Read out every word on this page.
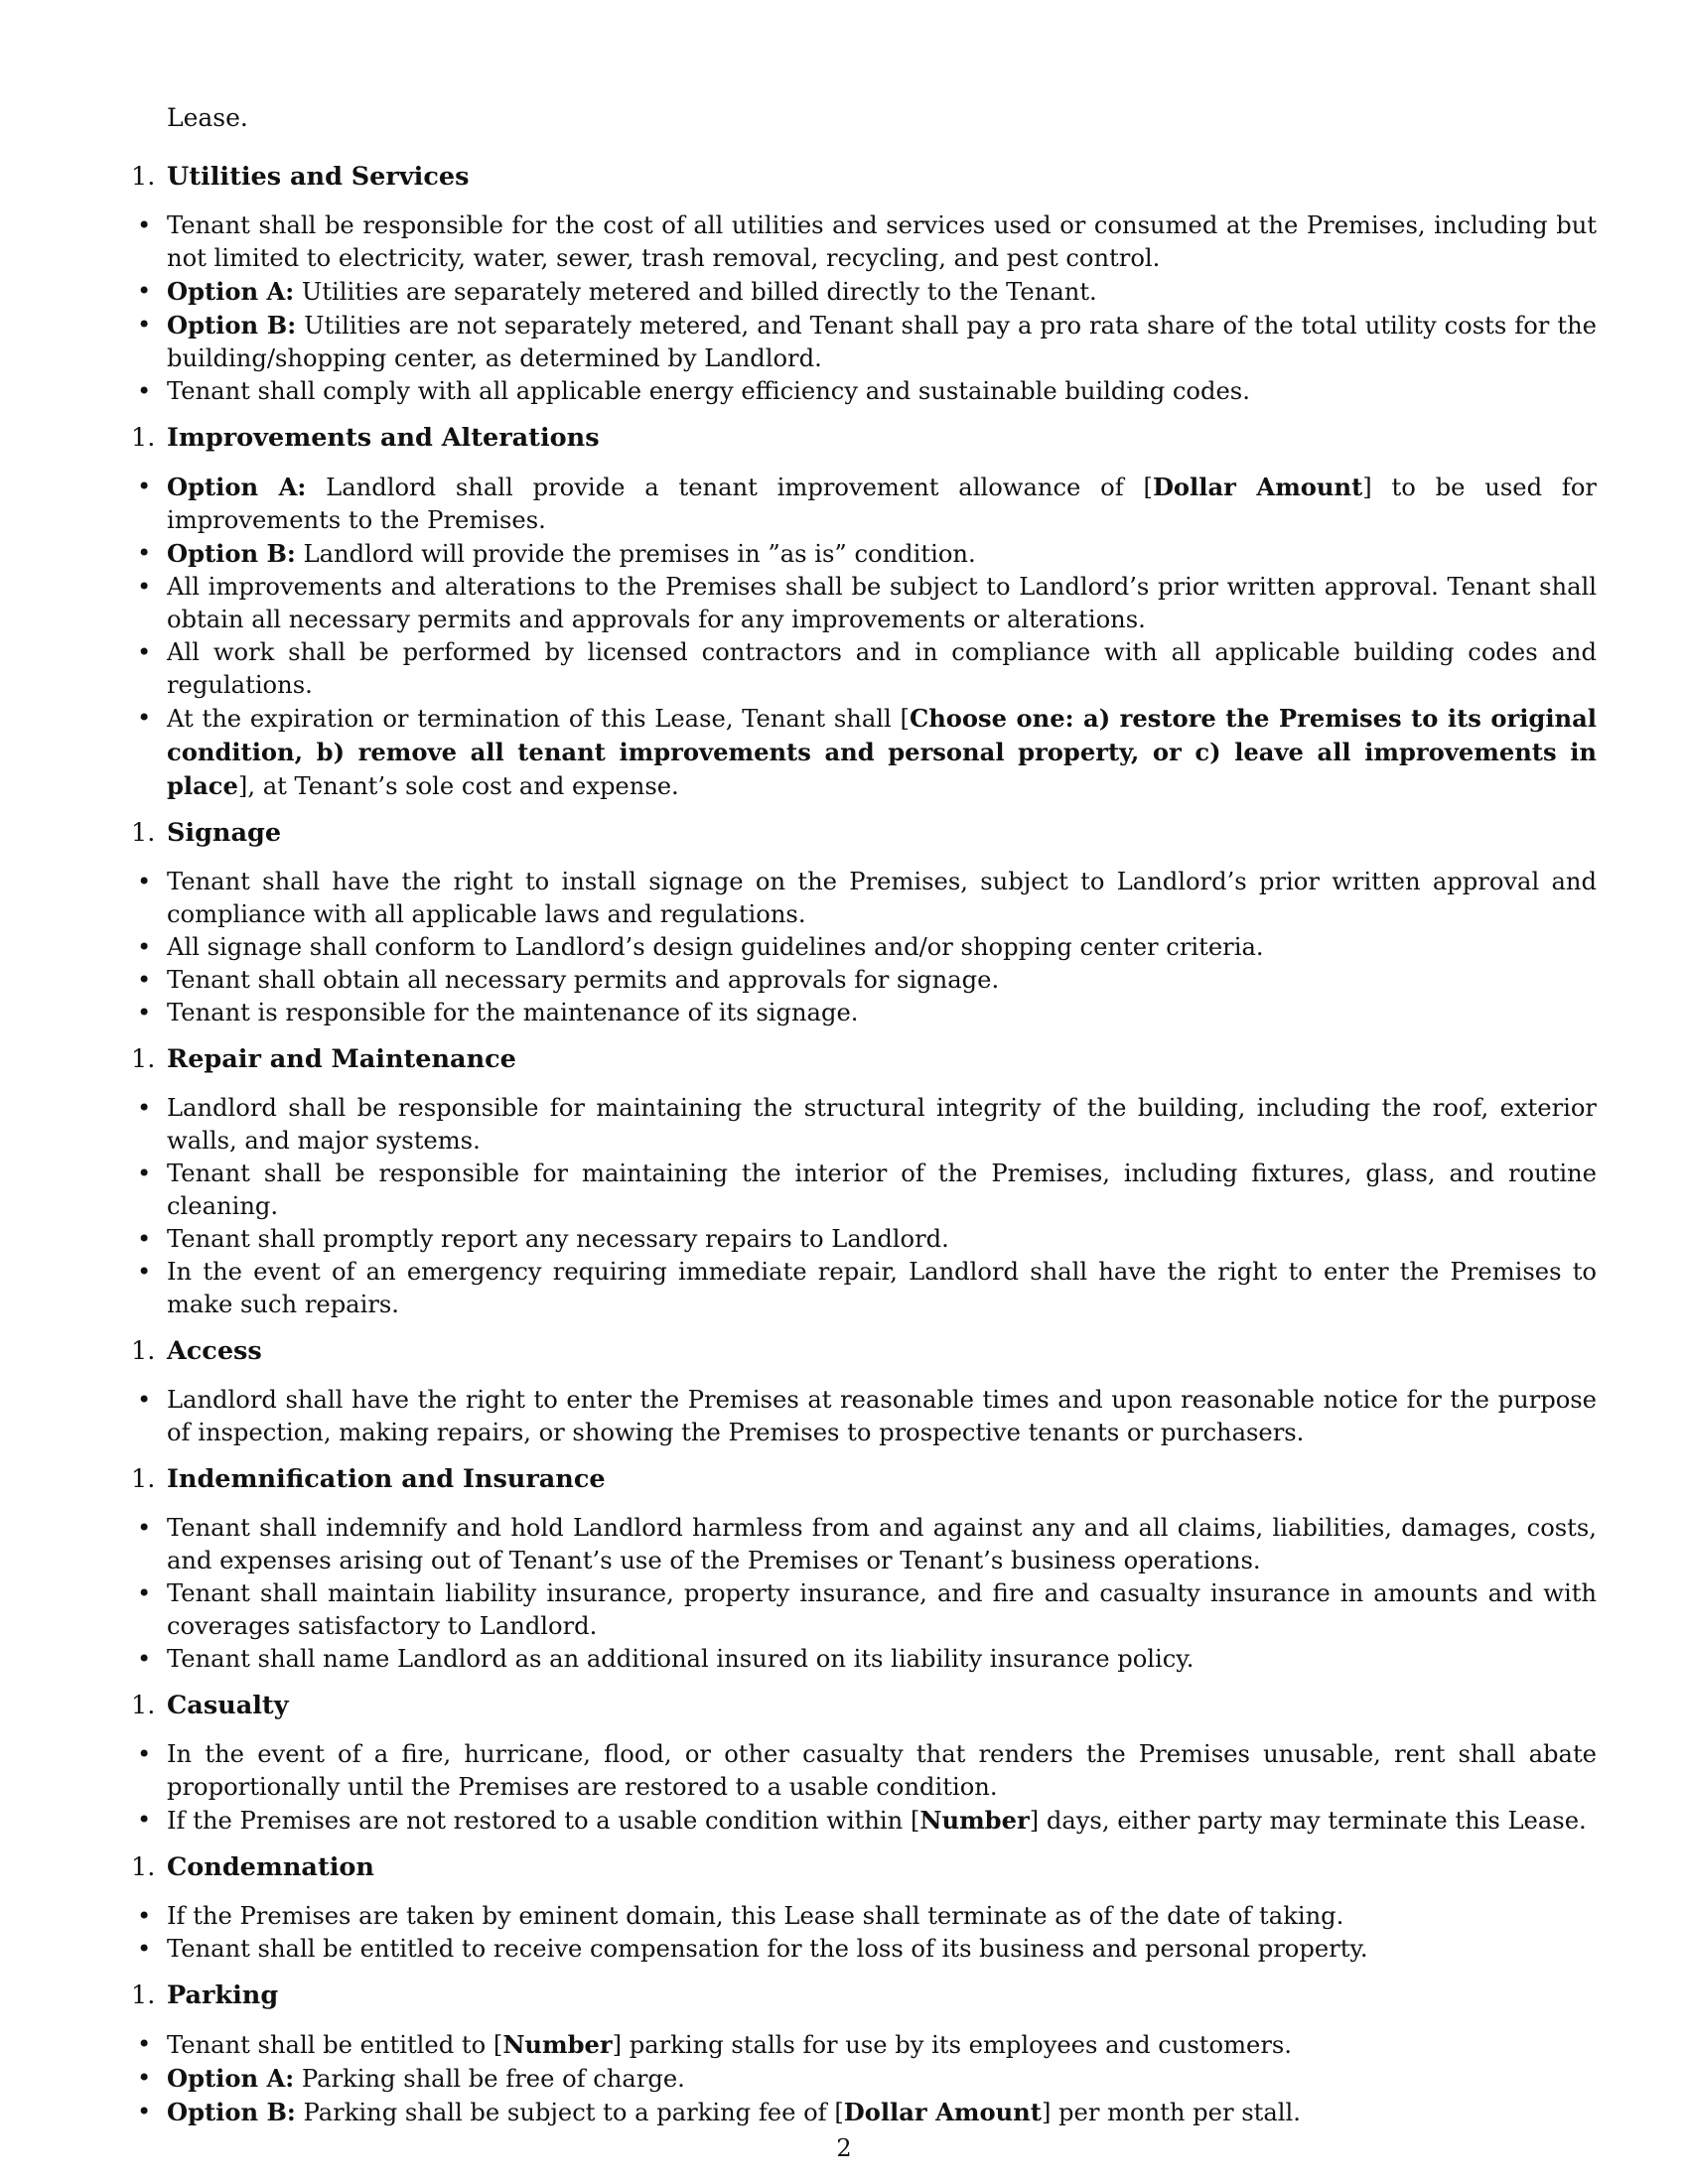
Lease.
1. Utilities and Services
• Tenant shall be responsible for the cost of all utilities and services used or consumed at the Premises, including but not limited to electricity, water, sewer, trash removal, recycling, and pest control.
• Option A: Utilities are separately metered and billed directly to the Tenant.
• Option B: Utilities are not separately metered, and Tenant shall pay a pro rata share of the total utility costs for the building/shopping center, as determined by Landlord.
• Tenant shall comply with all applicable energy efficiency and sustainable building codes.
1. Improvements and Alterations
• Option A: Landlord shall provide a tenant improvement allowance of [Dollar Amount] to be used for improvements to the Premises.
• Option B: Landlord will provide the premises in ”as is” condition.
• All improvements and alterations to the Premises shall be subject to Landlord’s prior written approval. Tenant shall obtain all necessary permits and approvals for any improvements or alterations.
• All work shall be performed by licensed contractors and in compliance with all applicable building codes and regulations.
• At the expiration or termination of this Lease, Tenant shall [Choose one: a) restore the Premises to its original condition, b) remove all tenant improvements and personal property, or c) leave all improvements in place], at Tenant’s sole cost and expense.
1. Signage
• Tenant shall have the right to install signage on the Premises, subject to Landlord’s prior written approval and compliance with all applicable laws and regulations.
• All signage shall conform to Landlord’s design guidelines and/or shopping center criteria.
• Tenant shall obtain all necessary permits and approvals for signage.
• Tenant is responsible for the maintenance of its signage.
1. Repair and Maintenance
• Landlord shall be responsible for maintaining the structural integrity of the building, including the roof, exterior walls, and major systems.
• Tenant shall be responsible for maintaining the interior of the Premises, including fixtures, glass, and routine cleaning.
• Tenant shall promptly report any necessary repairs to Landlord.
• In the event of an emergency requiring immediate repair, Landlord shall have the right to enter the Premises to make such repairs.
1. Access
• Landlord shall have the right to enter the Premises at reasonable times and upon reasonable notice for the purpose of inspection, making repairs, or showing the Premises to prospective tenants or purchasers.
1. Indemnification and Insurance
• Tenant shall indemnify and hold Landlord harmless from and against any and all claims, liabilities, damages, costs, and expenses arising out of Tenant’s use of the Premises or Tenant’s business operations.
• Tenant shall maintain liability insurance, property insurance, and fire and casualty insurance in amounts and with coverages satisfactory to Landlord.
• Tenant shall name Landlord as an additional insured on its liability insurance policy.
1. Casualty
• In the event of a fire, hurricane, flood, or other casualty that renders the Premises unusable, rent shall abate proportionally until the Premises are restored to a usable condition.
• If the Premises are not restored to a usable condition within [Number] days, either party may terminate this Lease.
1. Condemnation
• If the Premises are taken by eminent domain, this Lease shall terminate as of the date of taking.
• Tenant shall be entitled to receive compensation for the loss of its business and personal property.
1. Parking
• Tenant shall be entitled to [Number] parking stalls for use by its employees and customers.
• Option A: Parking shall be free of charge.
• Option B: Parking shall be subject to a parking fee of [Dollar Amount] per month per stall.
2
